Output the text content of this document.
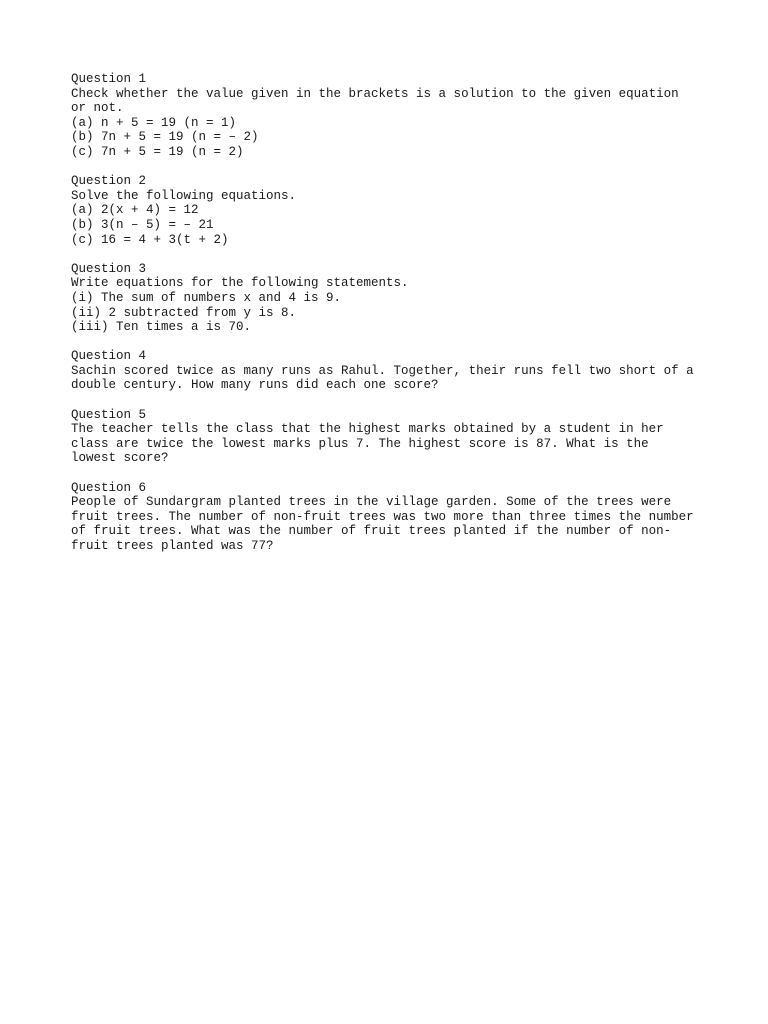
Question 1
Check whether the value given in the brackets is a solution to the given equation
or not.
(a) n + 5 = 19 (n = 1)
(b) 7n + 5 = 19 (n = – 2)
(c) 7n + 5 = 19 (n = 2)
Question 2
Solve the following equations.
(a) 2(x + 4) = 12
(b) 3(n – 5) = – 21
(c) 16 = 4 + 3(t + 2)
Question 3
Write equations for the following statements.
(i) The sum of numbers x and 4 is 9.
(ii) 2 subtracted from y is 8.
(iii) Ten times a is 70.
Question 4
Sachin scored twice as many runs as Rahul. Together, their runs fell two short of a
double century. How many runs did each one score?
Question 5
The teacher tells the class that the highest marks obtained by a student in her
class are twice the lowest marks plus 7. The highest score is 87. What is the
lowest score?
Question 6
People of Sundargram planted trees in the village garden. Some of the trees were
fruit trees. The number of non-fruit trees was two more than three times the number
of fruit trees. What was the number of fruit trees planted if the number of non-
fruit trees planted was 77?
